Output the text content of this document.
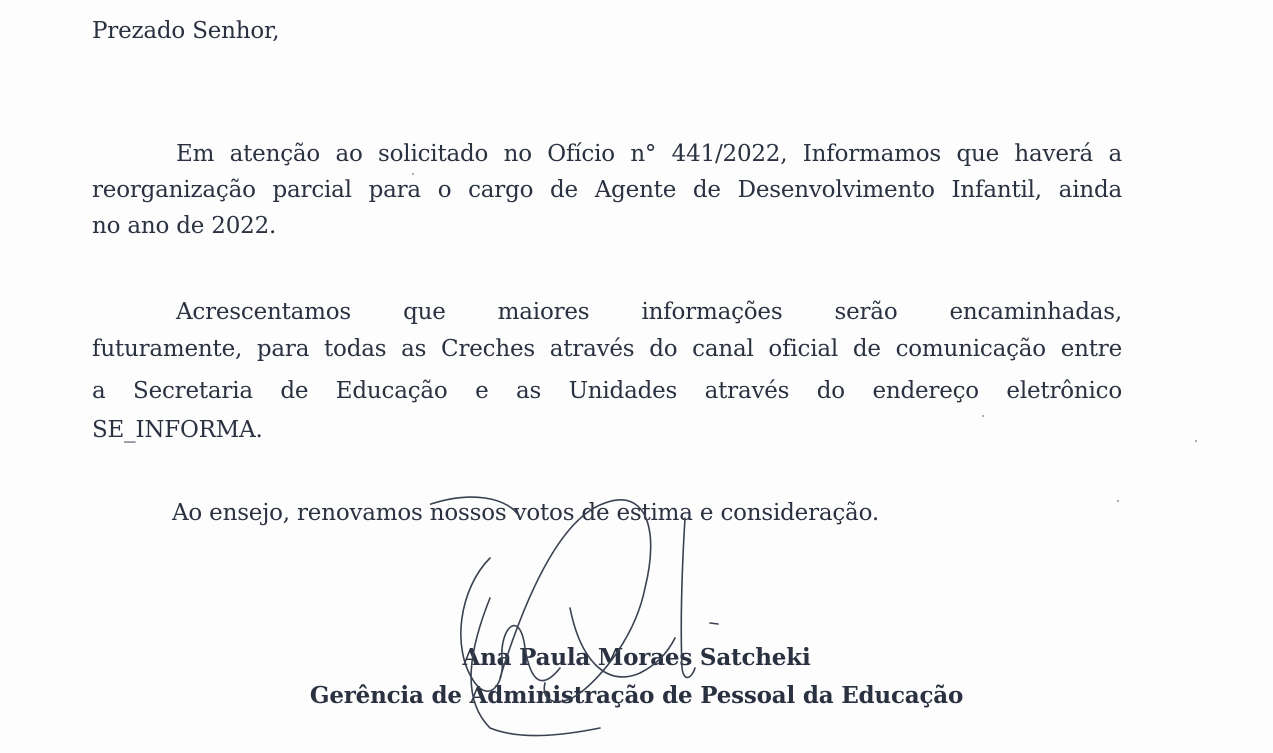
Prezado Senhor,
Em atenção ao solicitado no Ofício n° 441/2022, Informamos que haverá a
reorganização parcial para o cargo de Agente de Desenvolvimento Infantil, ainda
no ano de 2022.
Acrescentamos que maiores informações serão encaminhadas,
futuramente, para todas as Creches através do canal oficial de comunicação entre
a Secretaria de Educação e as Unidades através do endereço eletrônico
SE_INFORMA.
Ao ensejo, renovamos nossos votos de estima e consideração.
Ana Paula Moraes Satcheki
Gerência de Administração de Pessoal da Educação
